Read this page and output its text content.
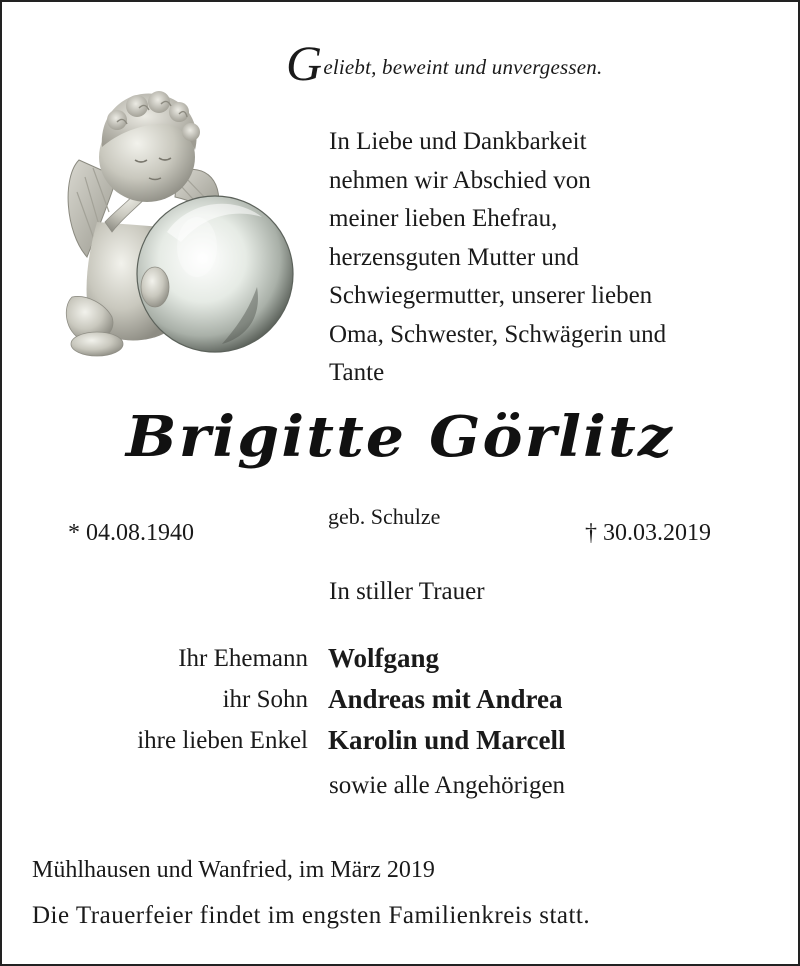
Geliebt, beweint und unvergessen.
In Liebe und Dankbarkeit
nehmen wir Abschied von
meiner lieben Ehefrau,
herzensguten Mutter und
Schwiegermutter, unserer lieben
Oma, Schwester, Schwägerin und
Tante
Brigitte Görlitz
* 04.08.1940
geb. Schulze
† 30.03.2019
In stiller Trauer
Ihr Ehemann Wolfgang
ihr Sohn Andreas mit Andrea
ihre lieben Enkel Karolin und Marcell
sowie alle Angehörigen
Mühlhausen und Wanfried, im März 2019
Die Trauerfeier findet im engsten Familienkreis statt.
